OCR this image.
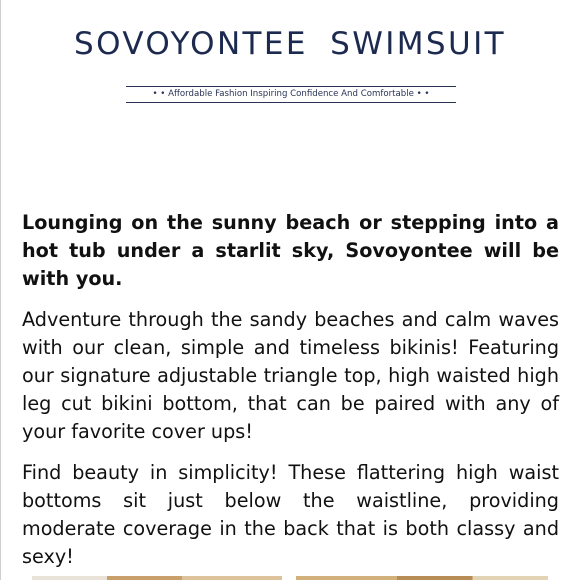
SOVOYONTEE SWIMSUIT
• • Affordable Fashion Inspiring Confidence And Comfortable • •

Lounging on the sunny beach or stepping into a hot tub under a starlit sky, Sovoyontee will be with you.

Adventure through the sandy beaches and calm waves with our clean, simple and timeless bikinis! Featuring our signature adjustable triangle top, high waisted high leg cut bikini bottom, that can be paired with any of your favorite cover ups!

Find beauty in simplicity! These flattering high waist bottoms sit just below the waistline, providing moderate coverage in the back that is both classy and sexy!
